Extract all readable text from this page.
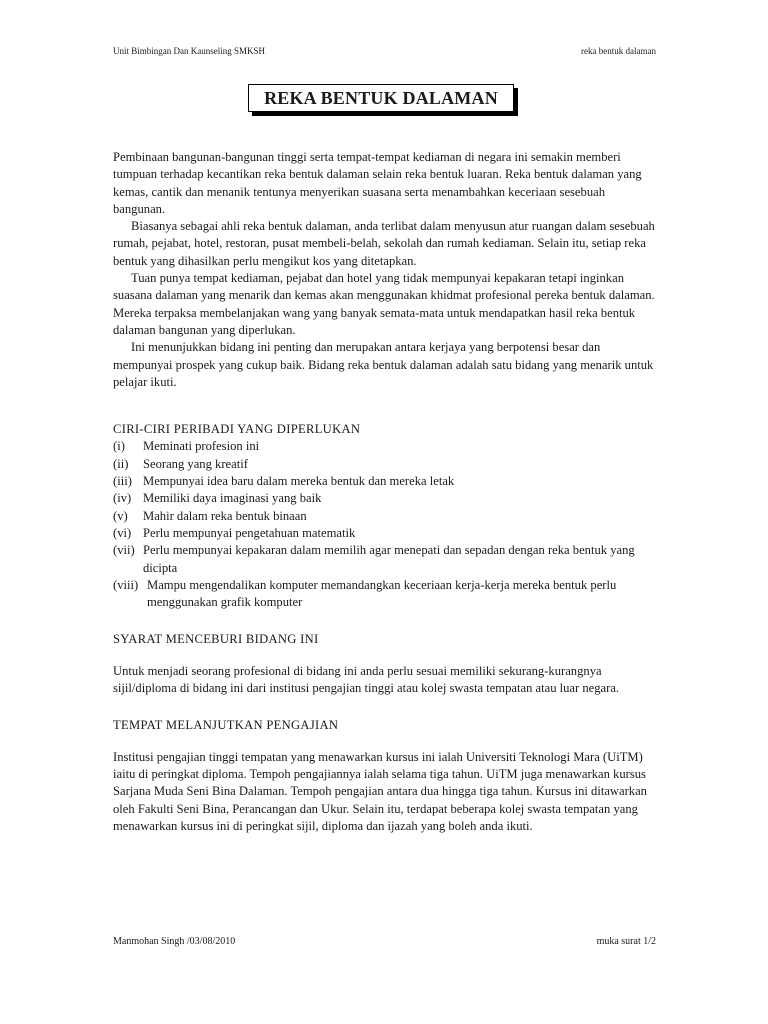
Unit Bimbingan Dan Kaunseling SMKSH	reka bentuk dalaman
REKA BENTUK DALAMAN

Pembinaan bangunan-bangunan tinggi serta tempat-tempat kediaman di negara ini semakin memberi tumpuan terhadap kecantikan reka bentuk dalaman selain reka bentuk luaran. Reka bentuk dalaman yang kemas, cantik dan menanik tentunya menyerikan suasana serta menambahkan keceriaan sesebuah bangunan.

Biasanya sebagai ahli reka bentuk dalaman, anda terlibat dalam menyusun atur ruangan dalam sesebuah rumah, pejabat, hotel, restoran, pusat membeli-belah, sekolah dan rumah kediaman. Selain itu, setiap reka bentuk yang dihasilkan perlu mengikut kos yang ditetapkan.

Tuan punya tempat kediaman, pejabat dan hotel yang tidak mempunyai kepakaran tetapi inginkan suasana dalaman yang menarik dan kemas akan menggunakan khidmat profesional pereka bentuk dalaman. Mereka terpaksa membelanjakan wang yang banyak semata-mata untuk mendapatkan hasil reka bentuk dalaman bangunan yang diperlukan.

Ini menunjukkan bidang ini penting dan merupakan antara kerjaya yang berpotensi besar dan mempunyai prospek yang cukup baik. Bidang reka bentuk dalaman adalah satu bidang yang menarik untuk pelajar ikuti.

CIRI-CIRI PERIBADI YANG DIPERLUKAN

(i)	Meminati profesion ini
(ii)	Seorang yang kreatif
(iii) Mempunyai idea baru dalam mereka bentuk dan mereka letak
(iv) Memiliki daya imaginasi yang baik
(v)	Mahir dalam reka bentuk binaan
(vi) Perlu mempunyai pengetahuan matematik
(vii) Perlu mempunyai kepakaran dalam memilih agar menepati dan sepadan dengan reka bentuk yang dicipta
(viii) Mampu mengendalikan komputer memandangkan keceriaan kerja-kerja mereka bentuk perlu menggunakan grafik komputer

SYARAT MENCEBURI BIDANG INI

Untuk menjadi seorang profesional di bidang ini anda perlu sesuai memiliki sekurang-kurangnya sijil/diploma di bidang ini dari institusi pengajian tinggi atau kolej swasta tempatan atau luar negara.

TEMPAT MELANJUTKAN PENGAJIAN

Institusi pengajian tinggi tempatan yang menawarkan kursus ini ialah Universiti Teknologi Mara (UiTM) iaitu di peringkat diploma. Tempoh pengajiannya ialah selama tiga tahun. UiTM juga menawarkan kursus Sarjana Muda Seni Bina Dalaman. Tempoh pengajian antara dua hingga tiga tahun. Kursus ini ditawarkan oleh Fakulti Seni Bina, Perancangan dan Ukur. Selain itu, terdapat beberapa kolej swasta tempatan yang menawarkan kursus ini di peringkat sijil, diploma dan ijazah yang boleh anda ikuti.

Manmohan Singh /03/08/2010	muka surat 1/2
